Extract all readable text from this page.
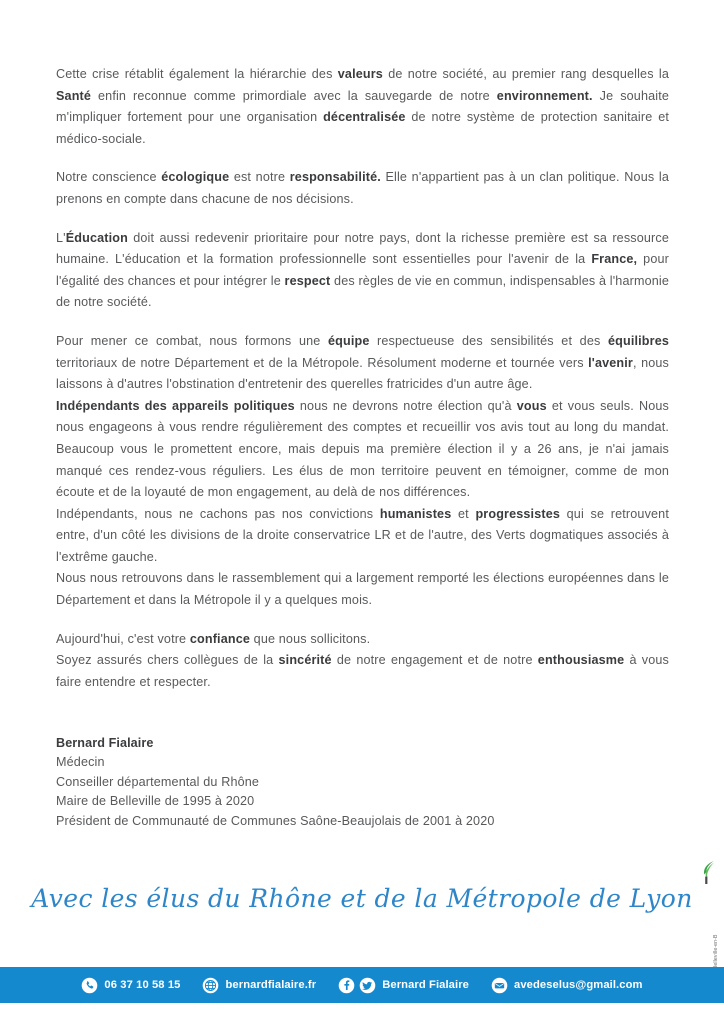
Cette crise rétablit également la hiérarchie des valeurs de notre société, au premier rang desquelles la Santé enfin reconnue comme primordiale avec la sauvegarde de notre environnement. Je souhaite m'impliquer fortement pour une organisation décentralisée de notre système de protection sanitaire et médico-sociale.

Notre conscience écologique est notre responsabilité. Elle n'appartient pas à un clan politique. Nous la prenons en compte dans chacune de nos décisions.

L'Éducation doit aussi redevenir prioritaire pour notre pays, dont la richesse première est sa ressource humaine. L'éducation et la formation professionnelle sont essentielles pour l'avenir de la France, pour l'égalité des chances et pour intégrer le respect des règles de vie en commun, indispensables à l'harmonie de notre société.

Pour mener ce combat, nous formons une équipe respectueuse des sensibilités et des équilibres territoriaux de notre Département et de la Métropole. Résolument moderne et tournée vers l'avenir, nous laissons à d'autres l'obstination d'entretenir des querelles fratricides d'un autre âge.

Indépendants des appareils politiques nous ne devrons notre élection qu'à vous et vous seuls. Nous nous engageons à vous rendre régulièrement des comptes et recueillir vos avis tout au long du mandat. Beaucoup vous le promettent encore, mais depuis ma première élection il y a 26 ans, je n'ai jamais manqué ces rendez-vous réguliers. Les élus de mon territoire peuvent en témoigner, comme de mon écoute et de la loyauté de mon engagement, au delà de nos différences.

Indépendants, nous ne cachons pas nos convictions humanistes et progressistes qui se retrouvent entre, d'un côté les divisions de la droite conservatrice LR et de l'autre, des Verts dogmatiques associés à l'extrême gauche.

Nous nous retrouvons dans le rassemblement qui a largement remporté les élections européennes dans le Département et dans la Métropole il y a quelques mois.

Aujourd'hui, c'est votre confiance que nous sollicitons.

Soyez assurés chers collègues de la sincérité de notre engagement et de notre enthousiasme à vous faire entendre et respecter.

Bernard Fialaire
Médecin
Conseiller départemental du Rhône
Maire de Belleville de 1995 à 2020
Président de Communauté de Communes Saône-Beaujolais de 2001 à 2020
Avec les élus du Rhône et de la Métropole de Lyon
06 37 10 58 15	bernardfialaire.fr	Bernard Fialaire	avedeselus@gmail.com
